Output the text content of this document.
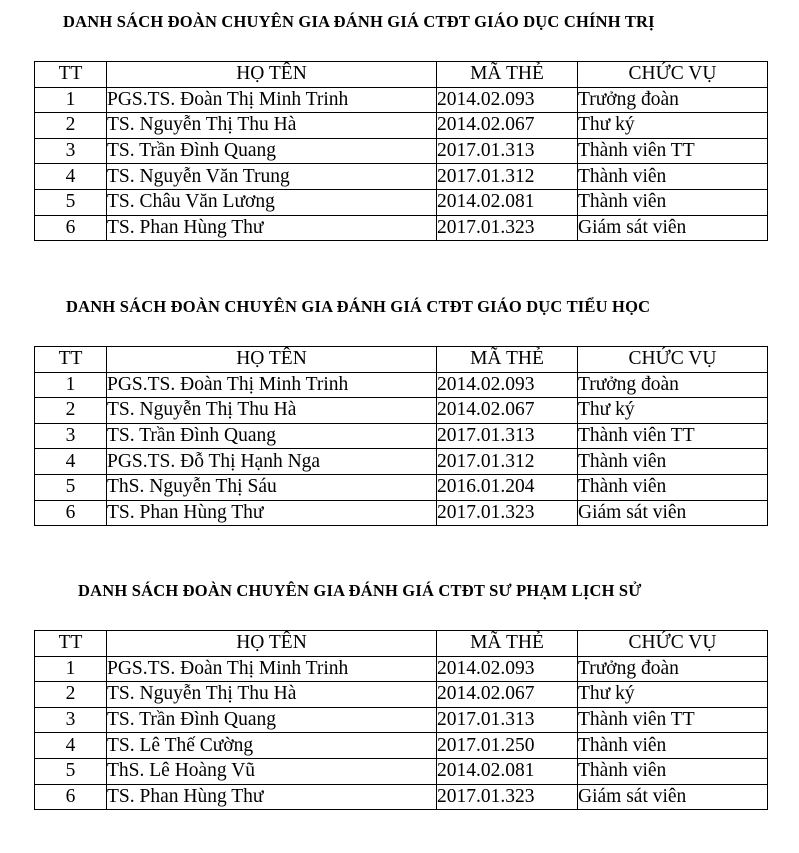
DANH SÁCH ĐOÀN CHUYÊN GIA ĐÁNH GIÁ CTĐT GIÁO DỤC CHÍNH TRỊ
TT	HỌ TÊN	MÃ THẺ	CHỨC VỤ
1	PGS.TS. Đoàn Thị Minh Trinh	2014.02.093	Trưởng đoàn
2	TS. Nguyễn Thị Thu Hà	2014.02.067	Thư ký
3	TS. Trần Đình Quang	2017.01.313	Thành viên TT
4	TS. Nguyễn Văn Trung	2017.01.312	Thành viên
5	TS. Châu Văn Lương	2014.02.081	Thành viên
6	TS. Phan Hùng Thư	2017.01.323	Giám sát viên
DANH SÁCH ĐOÀN CHUYÊN GIA ĐÁNH GIÁ CTĐT GIÁO DỤC TIỂU HỌC
TT	HỌ TÊN	MÃ THẺ	CHỨC VỤ
1	PGS.TS. Đoàn Thị Minh Trinh	2014.02.093	Trưởng đoàn
2	TS. Nguyễn Thị Thu Hà	2014.02.067	Thư ký
3	TS. Trần Đình Quang	2017.01.313	Thành viên TT
4	PGS.TS. Đỗ Thị Hạnh Nga	2017.01.312	Thành viên
5	ThS. Nguyễn Thị Sáu	2016.01.204	Thành viên
6	TS. Phan Hùng Thư	2017.01.323	Giám sát viên
DANH SÁCH ĐOÀN CHUYÊN GIA ĐÁNH GIÁ CTĐT SƯ PHẠM LỊCH SỬ
TT	HỌ TÊN	MÃ THẺ	CHỨC VỤ
1	PGS.TS. Đoàn Thị Minh Trinh	2014.02.093	Trưởng đoàn
2	TS. Nguyễn Thị Thu Hà	2014.02.067	Thư ký
3	TS. Trần Đình Quang	2017.01.313	Thành viên TT
4	TS. Lê Thế Cường	2017.01.250	Thành viên
5	ThS. Lê Hoàng Vũ	2014.02.081	Thành viên
6	TS. Phan Hùng Thư	2017.01.323	Giám sát viên
